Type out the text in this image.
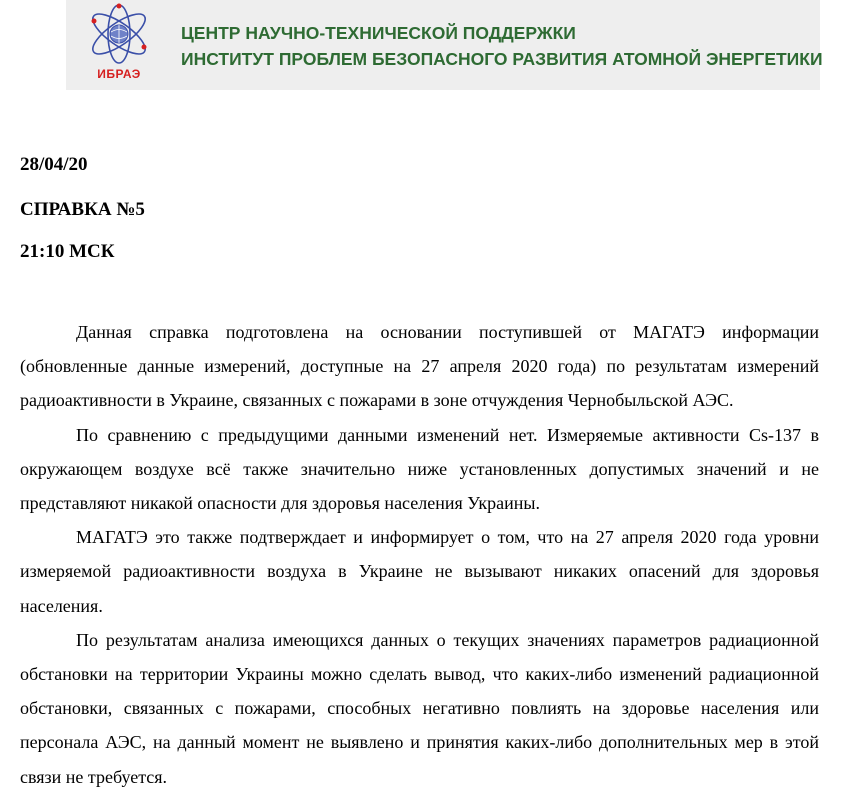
ИБРАЭ
ЦЕНТР НАУЧНО-ТЕХНИЧЕСКОЙ ПОДДЕРЖКИ
ИНСТИТУТ ПРОБЛЕМ БЕЗОПАСНОГО РАЗВИТИЯ АТОМНОЙ ЭНЕРГЕТИКИ
28/04/20
СПРАВКА №5
21:10 МСК

Данная справка подготовлена на основании поступившей от МАГАТЭ информации (обновленные данные измерений, доступные на 27 апреля 2020 года) по результатам измерений радиоактивности в Украине, связанных с пожарами в зоне отчуждения Чернобыльской АЭС.

По сравнению с предыдущими данными изменений нет. Измеряемые активности Cs-137 в окружающем воздухе всё также значительно ниже установленных допустимых значений и не представляют никакой опасности для здоровья населения Украины.

МАГАТЭ это также подтверждает и информирует о том, что на 27 апреля 2020 года уровни измеряемой радиоактивности воздуха в Украине не вызывают никаких опасений для здоровья населения.

По результатам анализа имеющихся данных о текущих значениях параметров радиационной обстановки на территории Украины можно сделать вывод, что каких-либо изменений радиационной обстановки, связанных с пожарами, способных негативно повлиять на здоровье населения или персонала АЭС, на данный момент не выявлено и принятия каких-либо дополнительных мер в этой связи не требуется.
